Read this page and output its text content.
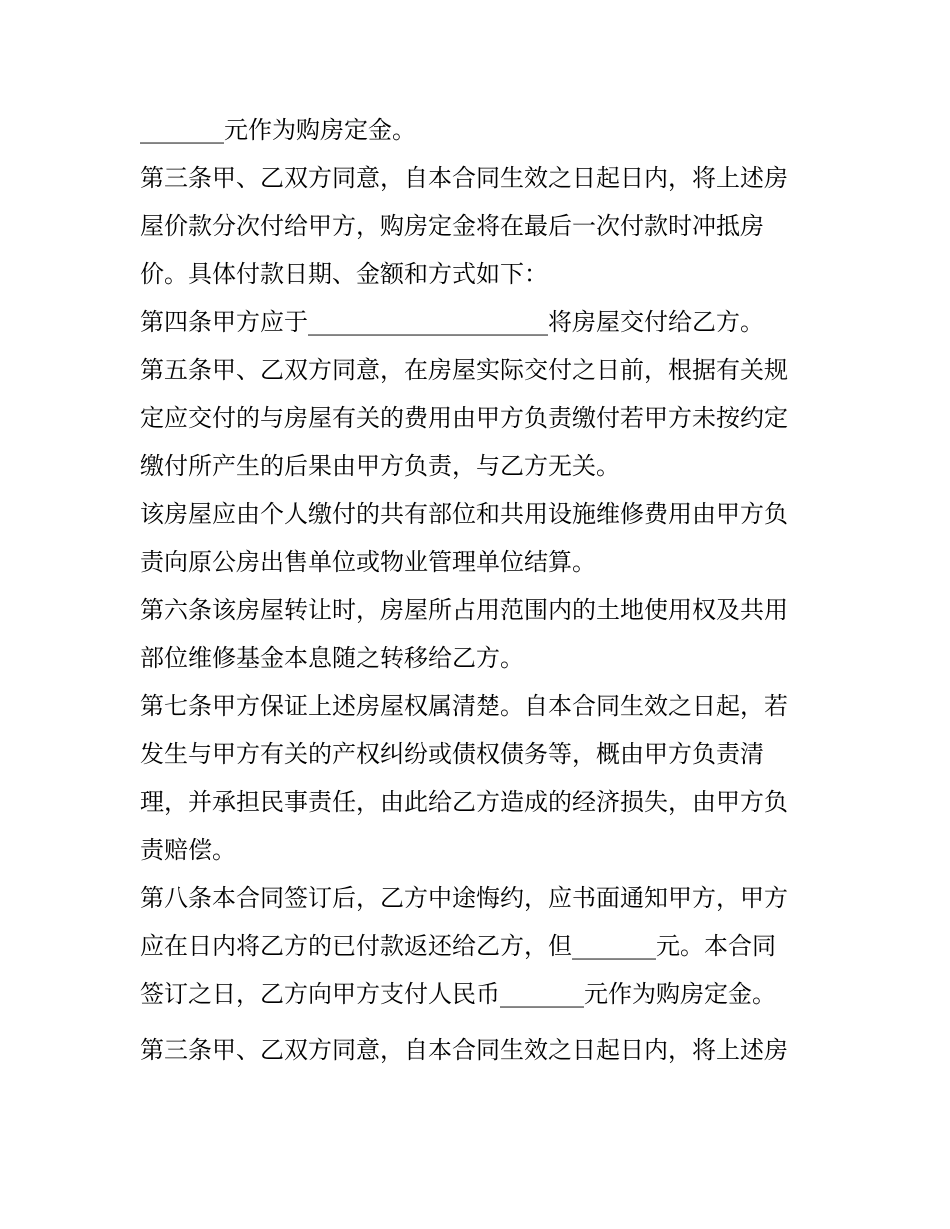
_______元作为购房定金。
第三条甲、乙双方同意，自本合同生效之日起日内，将上述房
屋价款分次付给甲方，购房定金将在最后一次付款时冲抵房
价。具体付款日期、金额和方式如下：
第四条甲方应于____________________将房屋交付给乙方。
第五条甲、乙双方同意，在房屋实际交付之日前，根据有关规
定应交付的与房屋有关的费用由甲方负责缴付若甲方未按约定
缴付所产生的后果由甲方负责，与乙方无关。
该房屋应由个人缴付的共有部位和共用设施维修费用由甲方负
责向原公房出售单位或物业管理单位结算。
第六条该房屋转让时，房屋所占用范围内的土地使用权及共用
部位维修基金本息随之转移给乙方。
第七条甲方保证上述房屋权属清楚。自本合同生效之日起，若
发生与甲方有关的产权纠纷或债权债务等，概由甲方负责清
理，并承担民事责任，由此给乙方造成的经济损失，由甲方负
责赔偿。
第八条本合同签订后，乙方中途悔约，应书面通知甲方，甲方
应在日内将乙方的已付款返还给乙方，但_______元。本合同
签订之日，乙方向甲方支付人民币_______元作为购房定金。
第三条甲、乙双方同意，自本合同生效之日起日内，将上述房
